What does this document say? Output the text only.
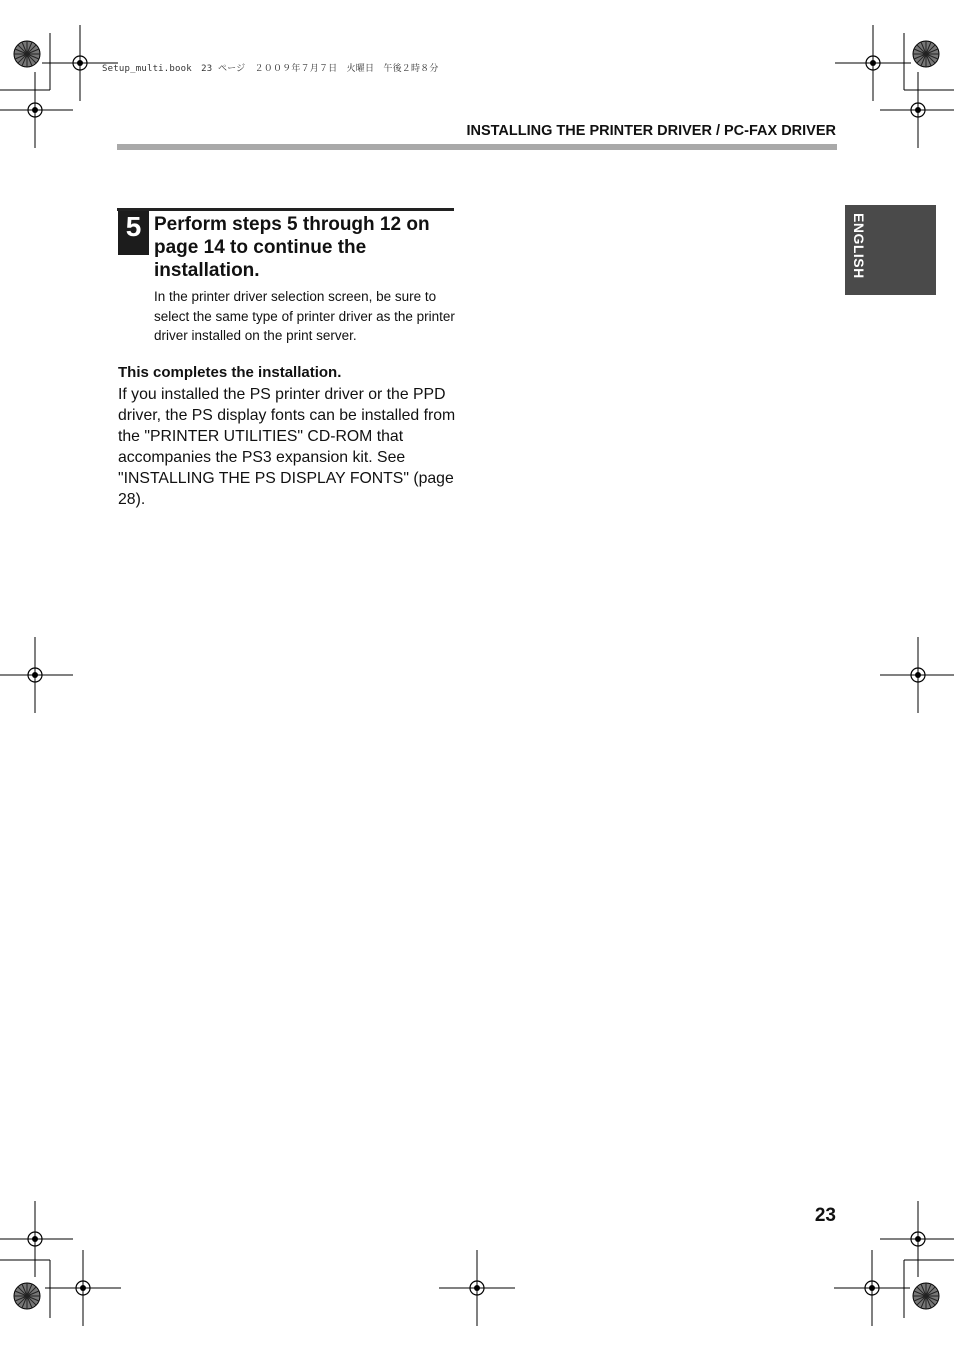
Setup_multi.book　23 ページ　２００９年７月７日　火曜日　午後２時８分
INSTALLING THE PRINTER DRIVER / PC-FAX DRIVER
ENGLISH
5 Perform steps 5 through 12 on page 14 to continue the installation.

In the printer driver selection screen, be sure to select the same type of printer driver as the printer driver installed on the print server.

This completes the installation.

If you installed the PS printer driver or the PPD driver, the PS display fonts can be installed from the "PRINTER UTILITIES" CD-ROM that accompanies the PS3 expansion kit. See "INSTALLING THE PS DISPLAY FONTS" (page 28).

23
